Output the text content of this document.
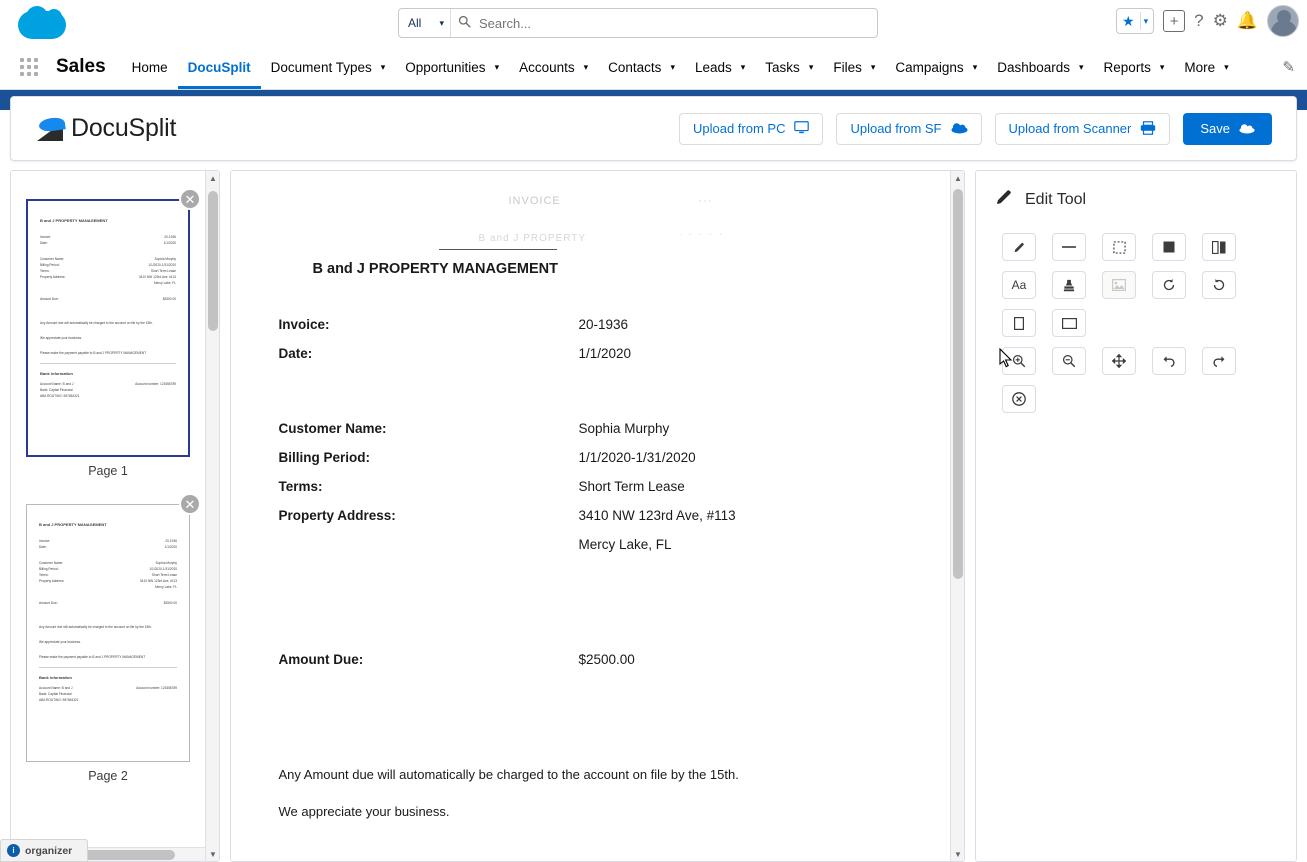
All ▾
Search...	★ ▾ + ? ⚙ 🔔
Sales	Home DocuSplit Document Types ▾ Opportunities ▾ Accounts ▾ Contacts ▾ Leads ▾ Tasks ▾ Files ▾ Campaigns ▾ Dashboards ▾ Reports ▾ More ▾	✎
DocuSplit	Upload from PC	Upload from SF	Upload from Scanner	Save
✕
B and J PROPERTY MANAGEMENT
Invoice:	20-1936
Date:	1/1/2020
Customer Name:	Sophia Murphy
Billing Period:	1/1/2020-1/31/2020
Terms:	Short Term Lease
Property Address:	3410 NW 123rd Ave, #113
Mercy Lake, FL
Amount Due:	$2500.00
Any Amount due will automatically be charged to the account on file by the 15th.
We appreciate your business.
Please make the payment payable to B and J PROPERTY MANAGEMENT
Bank information
Account Name: B and J	Account number: 123456789
Bank: Capital Financial
ABA ROUTING: 987654321
Page 1
✕
B and J PROPERTY MANAGEMENT
Invoice:	20-1936
Date:	1/1/2020
Customer Name:	Sophia Murphy
Billing Period:	1/1/2020-1/31/2020
Terms:	Short Term Lease
Property Address:	3410 NW 123rd Ave, #113
Mercy Lake, FL
Amount Due:	$2500.00
Any Amount due will automatically be charged to the account on file by the 15th.
We appreciate your business.
Please make the payment payable to B and J PROPERTY MANAGEMENT
Bank information
Account Name: B and J	Account number: 123456789
Bank: Capital Financial
ABA ROUTING: 987654321
Page 2
▲
▼
INVOICE	···
B and J PROPERTY	· · · · ·
B and J PROPERTY MANAGEMENT
Invoice:	20-1936
Date:	1/1/2020
Customer Name:	Sophia Murphy
Billing Period:	1/1/2020-1/31/2020
Terms:	Short Term Lease
Property Address:	3410 NW 123rd Ave, #113
Mercy Lake, FL
Amount Due:	$2500.00
Any Amount due will automatically be charged to the account on file by the 15th.
We appreciate your business.
▲
▼
Edit Tool
Aa
i organizer
